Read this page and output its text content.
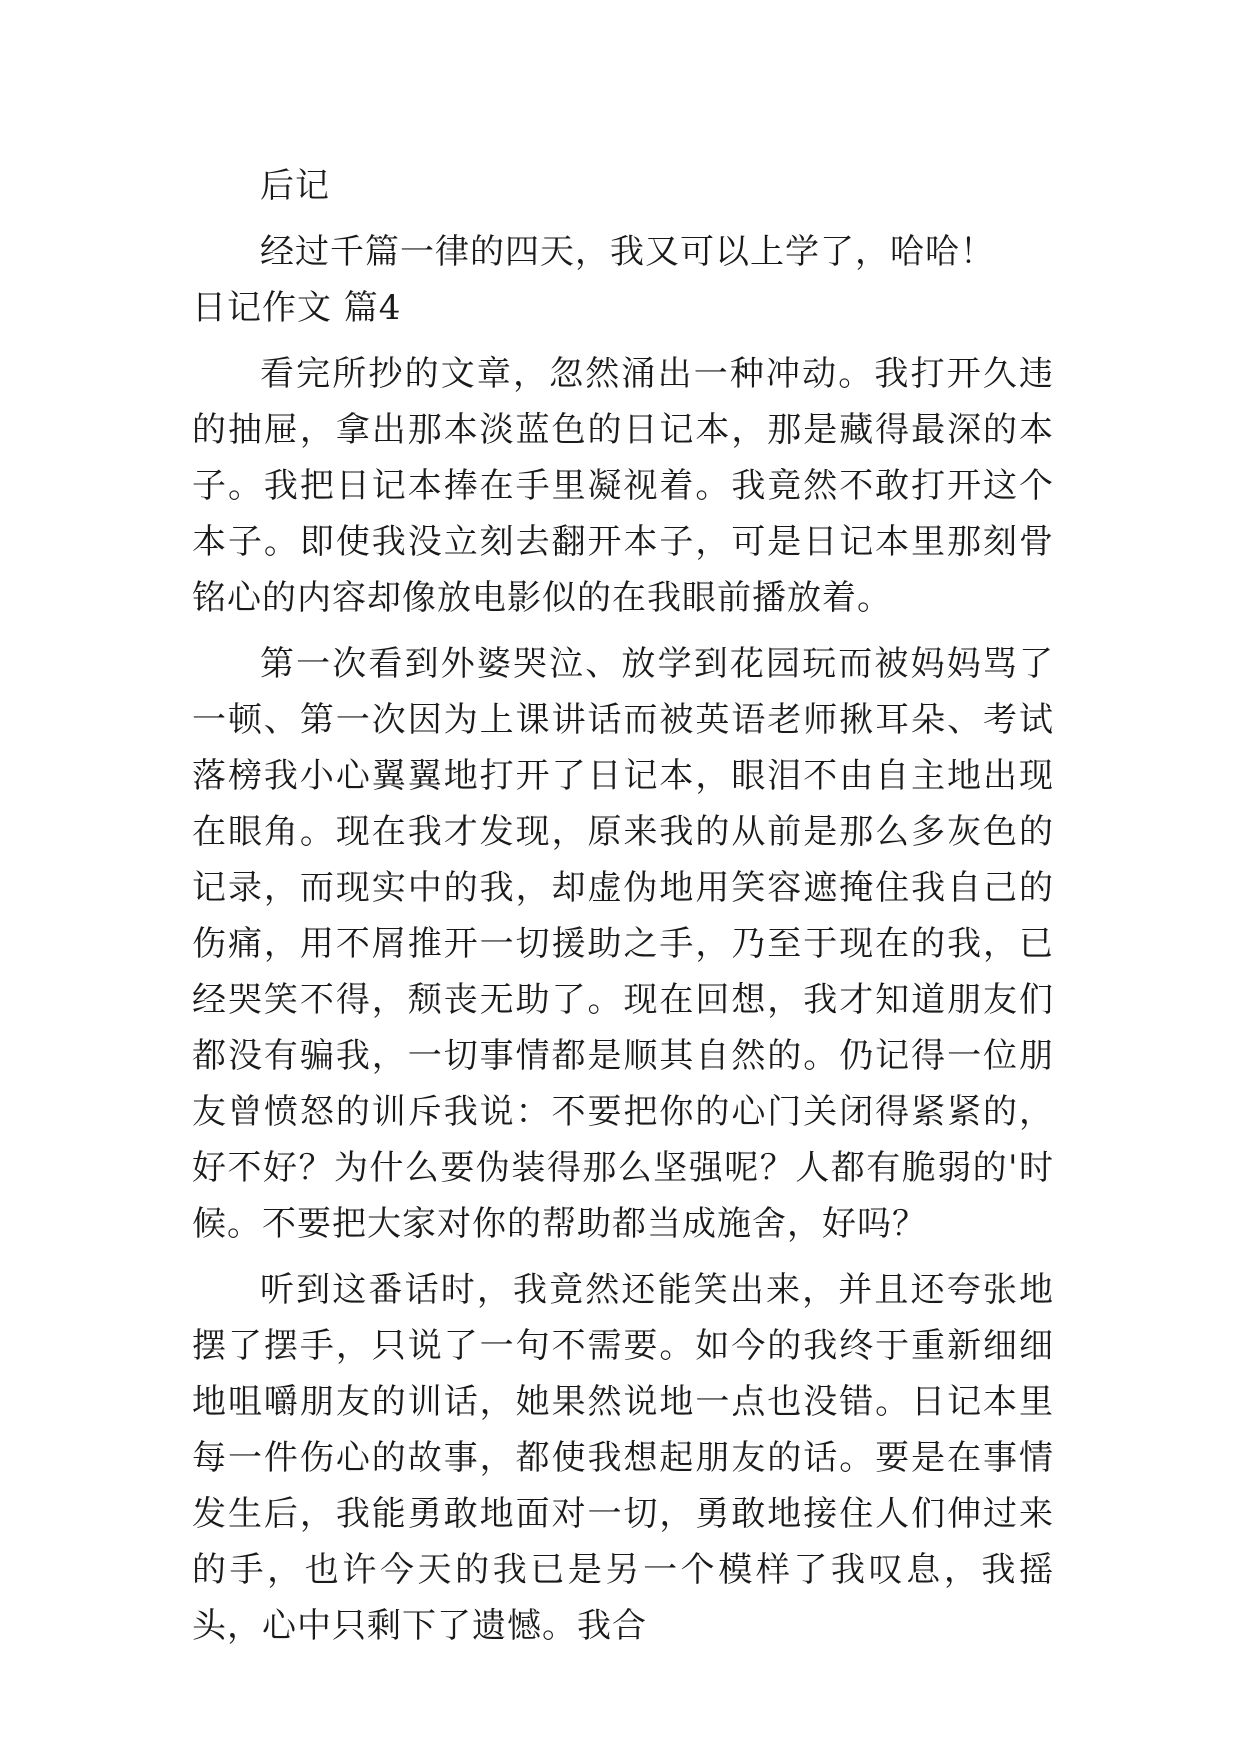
后记

经过千篇一律的四天，我又可以上学了，哈哈！

日记作文 篇4

看完所抄的文章，忽然涌出一种冲动。我打开久违的抽屉，拿出那本淡蓝色的日记本，那是藏得最深的本子。我把日记本捧在手里凝视着。我竟然不敢打开这个本子。即使我没立刻去翻开本子，可是日记本里那刻骨铭心的内容却像放电影似的在我眼前播放着。

第一次看到外婆哭泣、放学到花园玩而被妈妈骂了一顿、第一次因为上课讲话而被英语老师揪耳朵、考试落榜我小心翼翼地打开了日记本，眼泪不由自主地出现在眼角。现在我才发现，原来我的从前是那么多灰色的记录，而现实中的我，却虚伪地用笑容遮掩住我自己的伤痛，用不屑推开一切援助之手，乃至于现在的我，已经哭笑不得，颓丧无助了。现在回想，我才知道朋友们都没有骗我，一切事情都是顺其自然的。仍记得一位朋友曾愤怒的训斥我说：不要把你的心门关闭得紧紧的，好不好？为什么要伪装得那么坚强呢？人都有脆弱的'时候。不要把大家对你的帮助都当成施舍，好吗？

听到这番话时，我竟然还能笑出来，并且还夸张地摆了摆手，只说了一句不需要。如今的我终于重新细细地咀嚼朋友的训话，她果然说地一点也没错。日记本里每一件伤心的故事，都使我想起朋友的话。要是在事情发生后，我能勇敢地面对一切，勇敢地接住人们伸过来的手，也许今天的我已是另一个模样了我叹息，我摇头，心中只剩下了遗憾。我合
